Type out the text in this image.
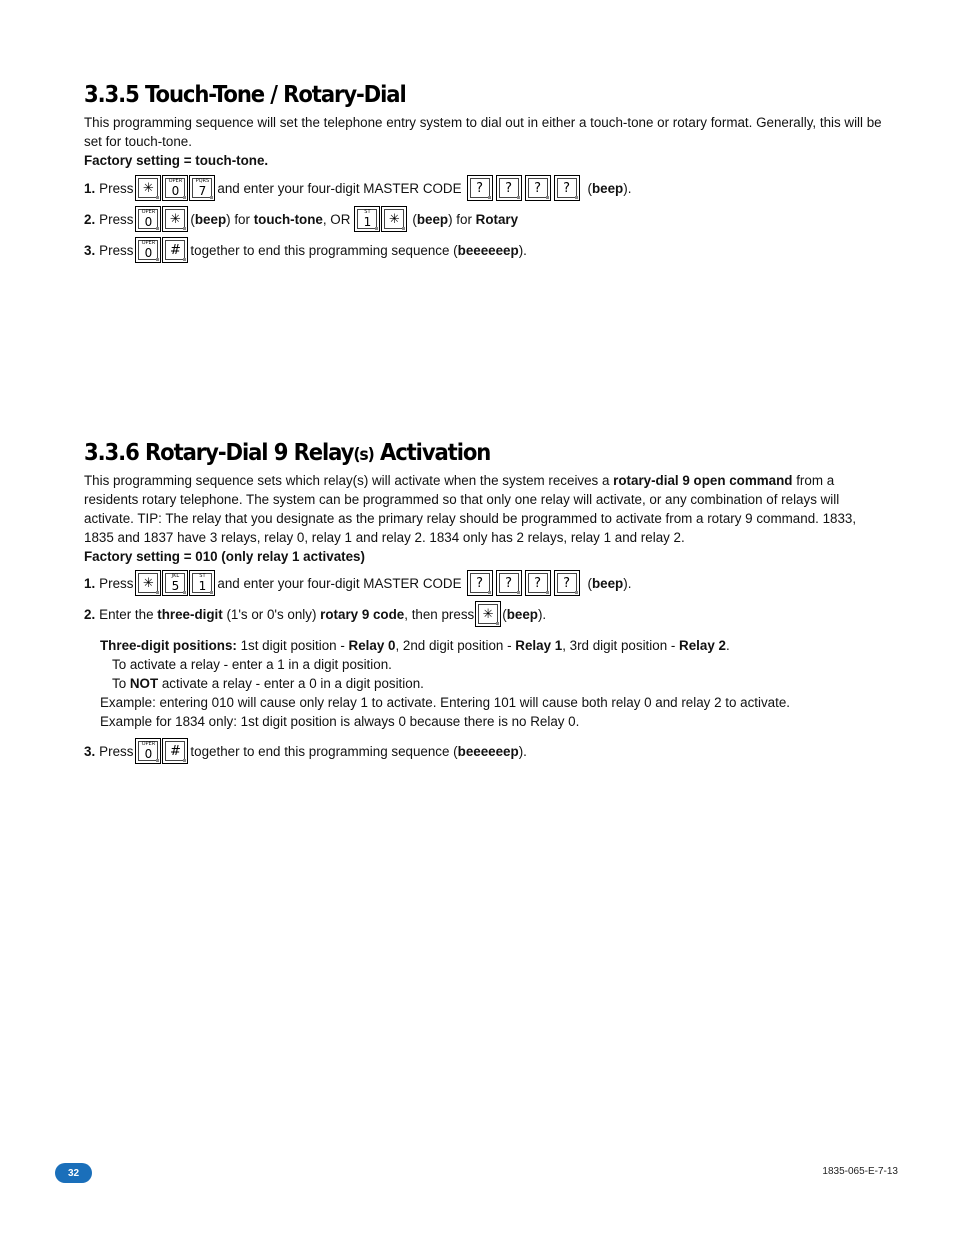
3.3.5 Touch-Tone / Rotary-Dial

This programming sequence will set the telephone entry system to dial out in either a touch-tone or rotary format. Generally, this will be set for touch-tone.

Factory setting = touch-tone.

1. Press ✳	OPER
0
PQRS
7 and enter your four-digit MASTER CODE ? ? ? ? ( beep ).
2. Press	OPER
0 ✳ ( beep ) for
touch-tone , OR	ST
1 ✳ ( beep ) for
Rotary
3. Press	OPER
0 # together to end this programming sequence ( beeeeeep ).
3.3.6 Rotary-Dial 9 Relay(s) Activation

This programming sequence sets which relay(s) will activate when the system receives a rotary-dial 9 open command from a residents rotary telephone. The system can be programmed so that only one relay will activate, or any combination of relays will activate. TIP: The relay that you designate as the primary relay should be programmed to activate from a rotary 9 command. 1833, 1835 and 1837 have 3 relays, relay 0, relay 1 and relay 2. 1834 only has 2 relays, relay 1 and relay 2.

Factory setting = 010 (only relay 1 activates)

1. Press ✳	JKL
5
ST
1 and enter your four-digit MASTER CODE ? ? ? ? ( beep ).
2. Enter the
three-digit
(1's or 0's only)
rotary 9 code , then press ✳ ( beep ).
Three-digit positions: 1st digit position - Relay 0, 2nd digit position - Relay 1, 3rd digit position - Relay 2.
To activate a relay - enter a 1 in a digit position.
To NOT activate a relay - enter a 0 in a digit position.
Example: entering 010 will cause only relay 1 to activate. Entering 101 will cause both relay 0 and relay 2 to activate.
Example for 1834 only: 1st digit position is always 0 because there is no Relay 0.
3. Press	OPER
0 # together to end this programming sequence ( beeeeeep ).
32	1835-065-E-7-13
